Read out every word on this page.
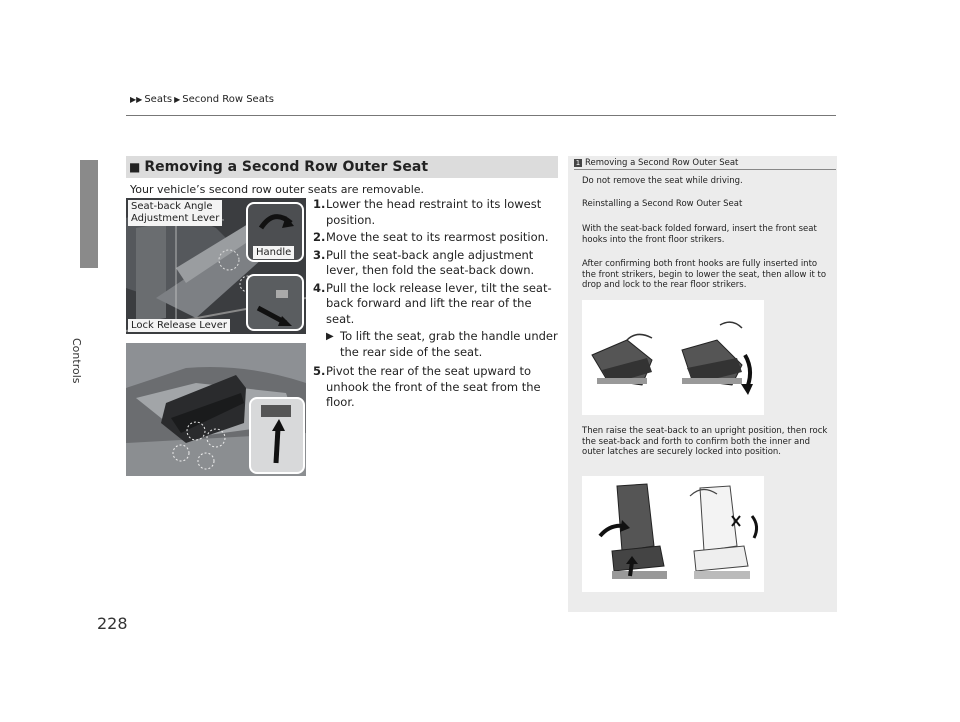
Controls
228
▶▶ Seats ▶ Second Row Seats
■ Removing a Second Row Outer Seat
Your vehicle’s second row outer seats are removable.
Seat-back Angle
Adjustment Lever
Handle
Lock Release Lever
1. Lower the head restraint to its lowest position.
2. Move the seat to its rearmost position.
3. Pull the seat-back angle adjustment lever, then fold the seat-back down.
4. Pull the lock release lever, tilt the seat-back forward and lift the rear of the seat.
▶ To lift the seat, grab the handle under the rear side of the seat.
5. Pivot the rear of the seat upward to unhook the front of the seat from the floor.
1 Removing a Second Row Outer Seat
Do not remove the seat while driving.
Reinstalling a Second Row Outer Seat
With the seat-back folded forward, insert the front seat hooks into the front floor strikers.
After confirming both front hooks are fully inserted into the front strikers, begin to lower the seat, then allow it to drop and lock to the rear floor strikers.
Then raise the seat-back to an upright position, then rock the seat-back and forth to confirm both the inner and outer latches are securely locked into position.
